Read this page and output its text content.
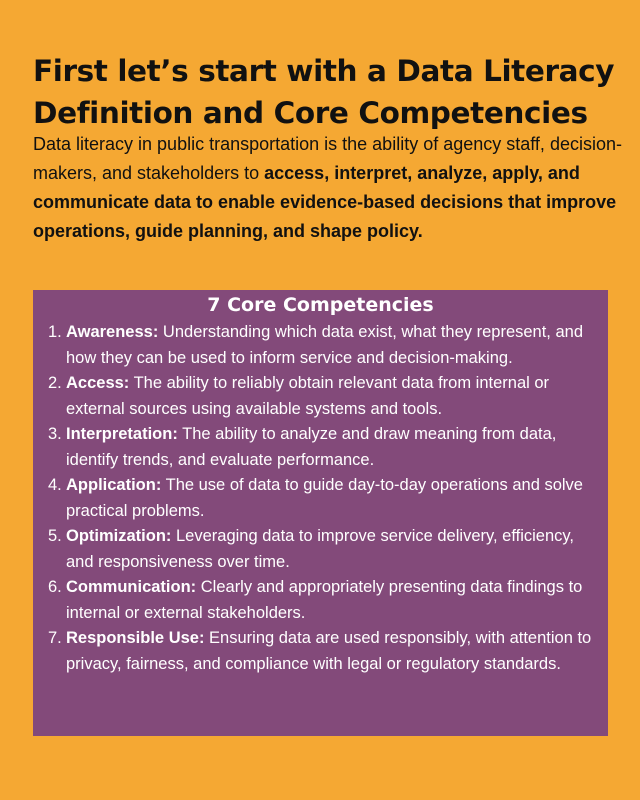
First let’s start with a Data Literacy Definition and Core Competencies

Data literacy in public transportation is the ability of agency staff, decision-makers, and stakeholders to access, interpret, analyze, apply, and communicate data to enable evidence-based decisions that improve operations, guide planning, and shape policy.

7 Core Competencies
1. Awareness: Understanding which data exist, what they represent, and how they can be used to inform service and decision-making.
2. Access: The ability to reliably obtain relevant data from internal or external sources using available systems and tools.
3. Interpretation: The ability to analyze and draw meaning from data, identify trends, and evaluate performance.
4. Application: The use of data to guide day-to-day operations and solve practical problems.
5. Optimization: Leveraging data to improve service delivery, efficiency, and responsiveness over time.
6. Communication: Clearly and appropriately presenting data findings to internal or external stakeholders.
7. Responsible Use: Ensuring data are used responsibly, with attention to privacy, fairness, and compliance with legal or regulatory standards.
